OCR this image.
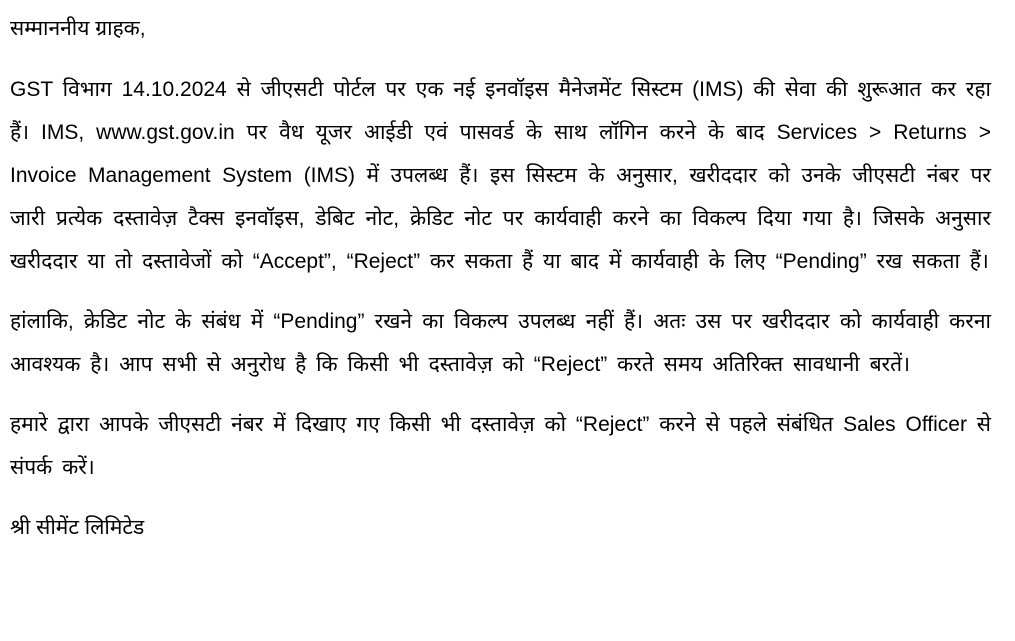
सम्माननीय ग्राहक,

GST विभाग 14.10.2024 से जीएसटी पोर्टल पर एक नई इनवॉइस मैनेजमेंट सिस्टम (IMS) की सेवा की शुरूआत कर रहा हैं। IMS, www.gst.gov.in पर वैध यूजर आईडी एवं पासवर्ड के साथ लॉगिन करने के बाद Services > Returns > Invoice Management System (IMS) में उपलब्ध हैं। इस सिस्टम के अनुसार, खरीददार को उनके जीएसटी नंबर पर जारी प्रत्येक दस्तावेज़ टैक्स इनवॉइस, डेबिट नोट, क्रेडिट नोट पर कार्यवाही करने का विकल्प दिया गया है। जिसके अनुसार खरीददार या तो दस्तावेजों को “Accept”, “Reject” कर सकता हैं या बाद में कार्यवाही के लिए “Pending” रख सकता हैं।

हांलाकि, क्रेडिट नोट के संबंध में “Pending” रखने का विकल्प उपलब्ध नहीं हैं। अतः उस पर खरीददार को कार्यवाही करना आवश्यक है। आप सभी से अनुरोध है कि किसी भी दस्तावेज़ को “Reject” करते समय अतिरिक्त सावधानी बरतें।

हमारे द्वारा आपके जीएसटी नंबर में दिखाए गए किसी भी दस्तावेज़ को “Reject” करने से पहले संबंधित Sales Officer से संपर्क करें।

श्री सीमेंट लिमिटेड
